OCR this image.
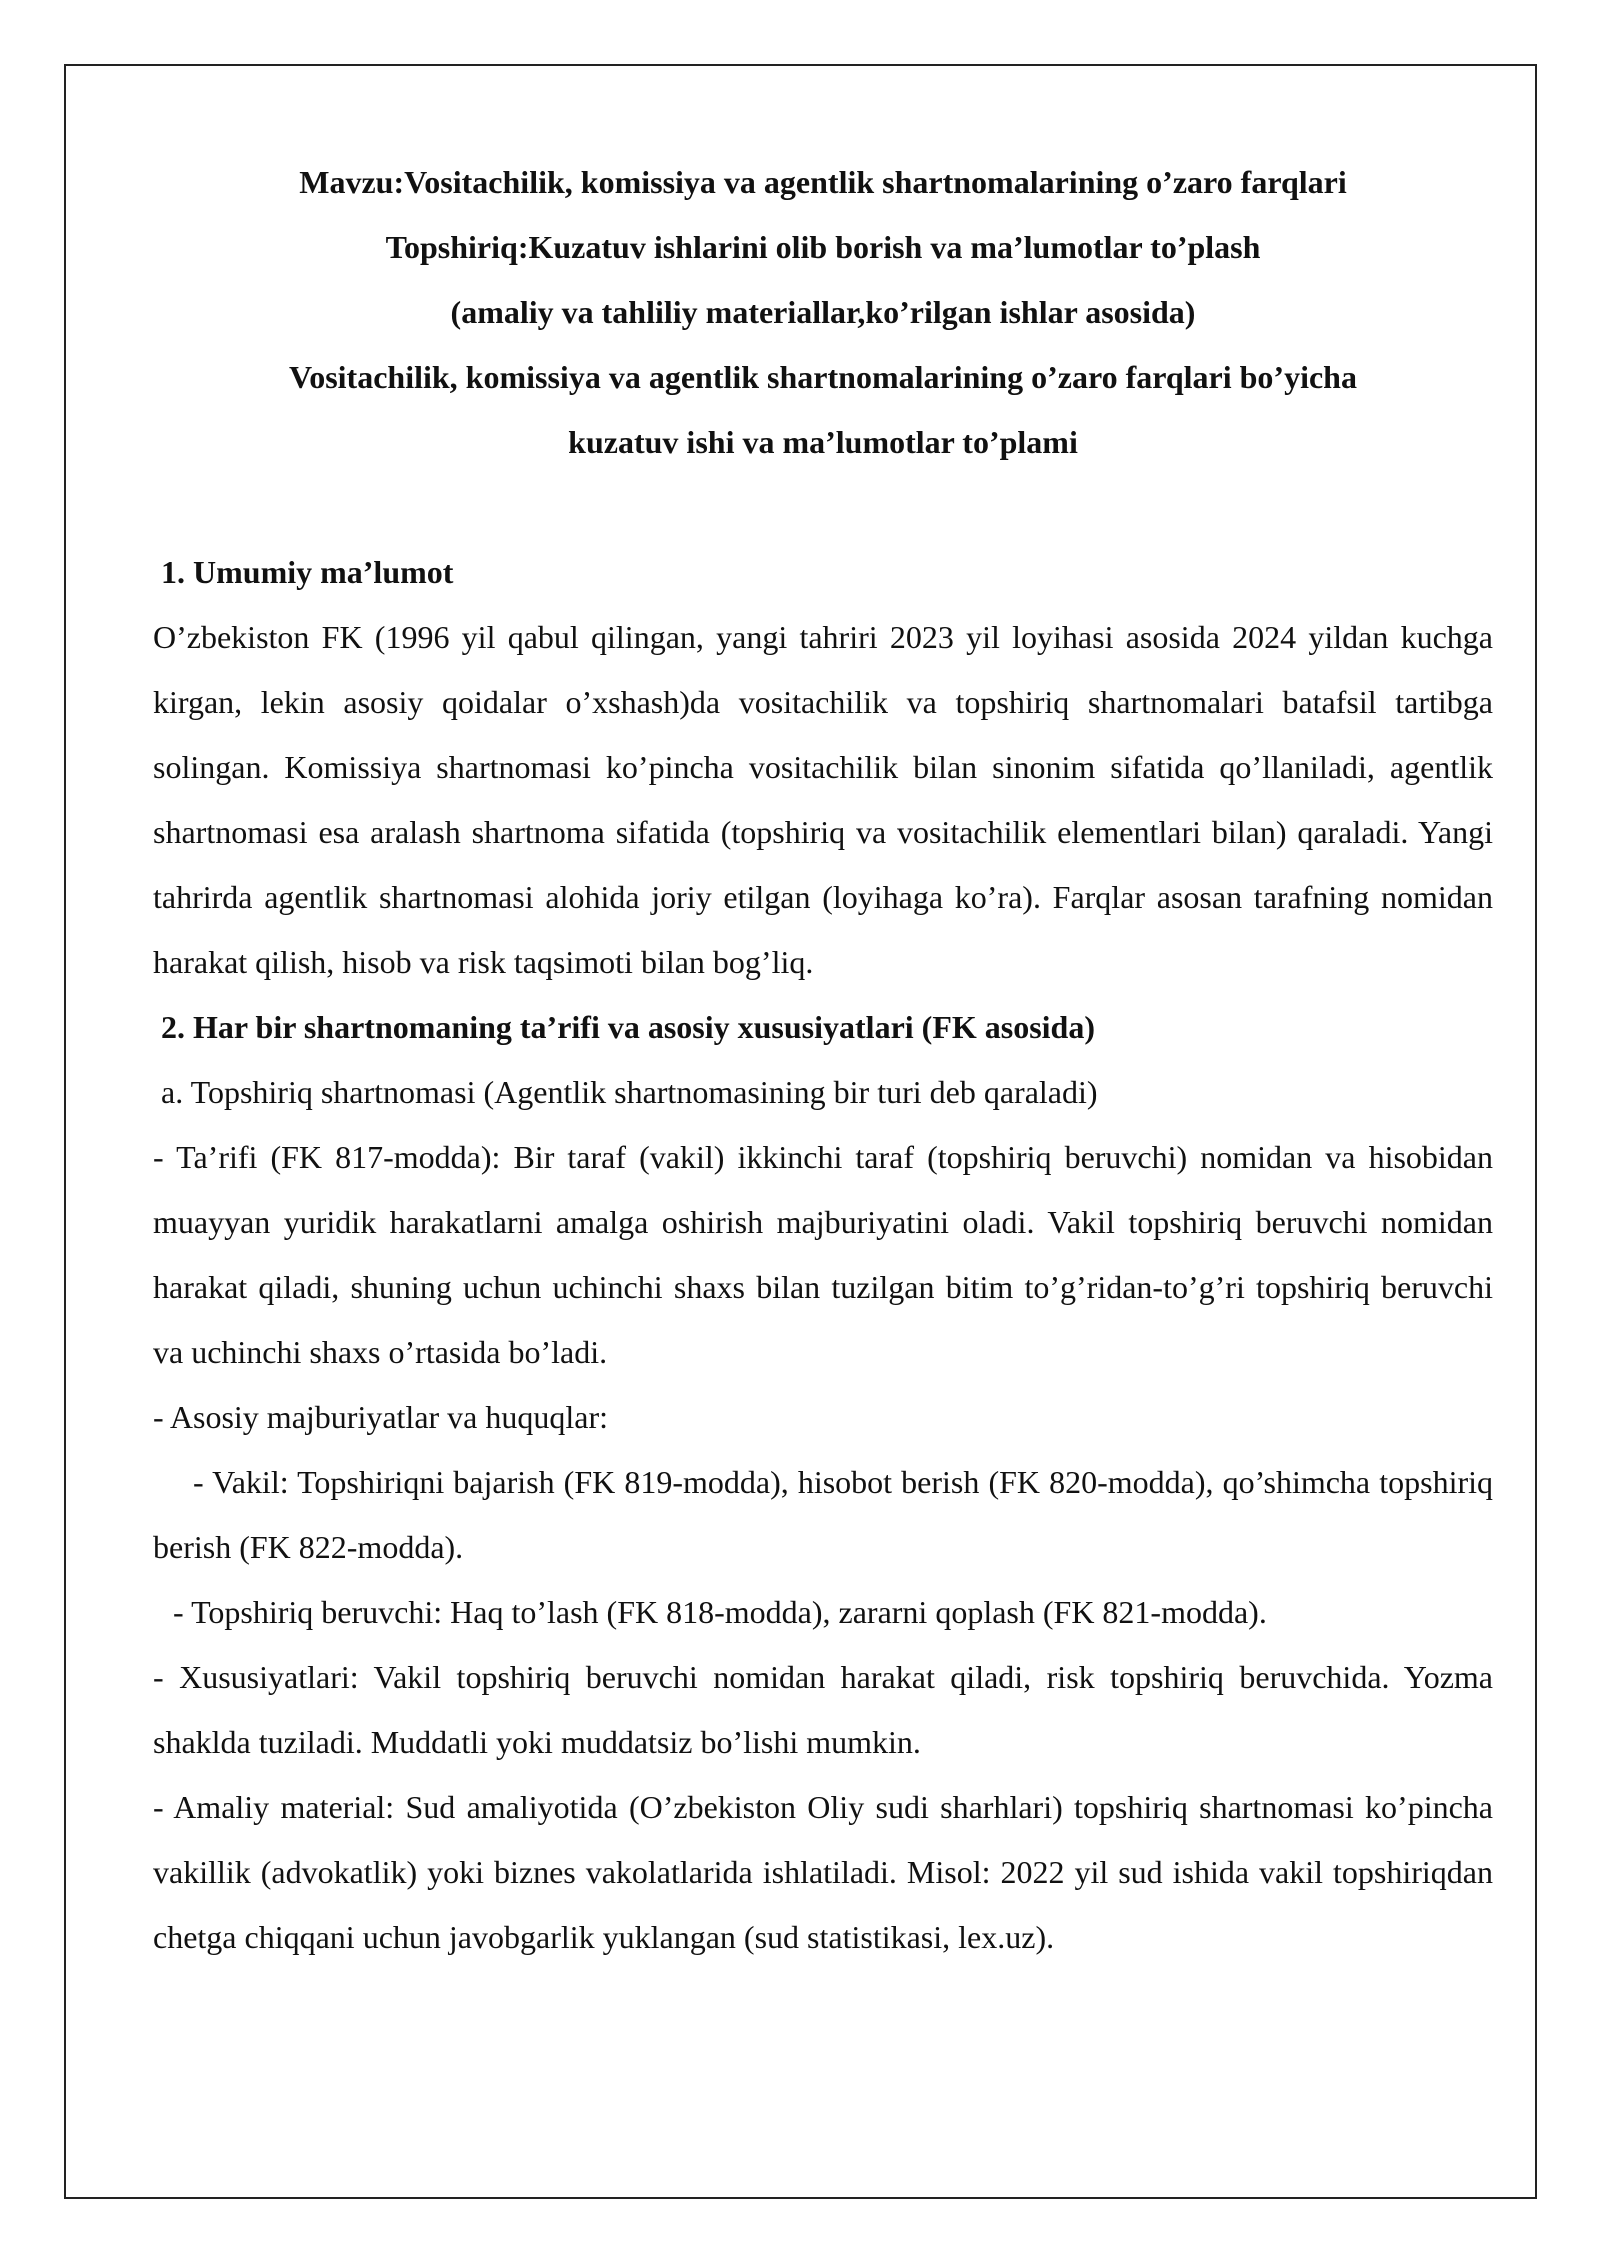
Mavzu:Vositachilik, komissiya va agentlik shartnomalarining o’zaro farqlari
Topshiriq:Kuzatuv ishlarini olib borish va ma’lumotlar to’plash
(amaliy va tahliliy materiallar,ko’rilgan ishlar asosida)
Vositachilik, komissiya va agentlik shartnomalarining o’zaro farqlari bo’yicha
kuzatuv ishi va ma’lumotlar to’plami
1. Umumiy ma’lumot

O’zbekiston FK (1996 yil qabul qilingan, yangi tahriri 2023 yil loyihasi asosida 2024 yildan kuchga kirgan, lekin asosiy qoidalar o’xshash)da vositachilik va topshiriq shartnomalari batafsil tartibga solingan. Komissiya shartnomasi ko’pincha vositachilik bilan sinonim sifatida qo’llaniladi, agentlik shartnomasi esa aralash shartnoma sifatida (topshiriq va vositachilik elementlari bilan) qaraladi. Yangi tahrirda agentlik shartnomasi alohida joriy etilgan (loyihaga ko’ra). Farqlar asosan tarafning nomidan harakat qilish, hisob va risk taqsimoti bilan bog’liq.

2. Har bir shartnomaning ta’rifi va asosiy xususiyatlari (FK asosida)
a. Topshiriq shartnomasi (Agentlik shartnomasining bir turi deb qaraladi)

- Ta’rifi (FK 817-modda): Bir taraf (vakil) ikkinchi taraf (topshiriq beruvchi) nomidan va hisobidan muayyan yuridik harakatlarni amalga oshirish majburiyatini oladi. Vakil topshiriq beruvchi nomidan harakat qiladi, shuning uchun uchinchi shaxs bilan tuzilgan bitim to’g’ridan-to’g’ri topshiriq beruvchi va uchinchi shaxs o’rtasida bo’ladi.

- Asosiy majburiyatlar va huquqlar:

- Vakil: Topshiriqni bajarish (FK 819-modda), hisobot berish (FK 820-modda), qo’shimcha topshiriq berish (FK 822-modda).

- Topshiriq beruvchi: Haq to’lash (FK 818-modda), zararni qoplash (FK 821-modda).

- Xususiyatlari: Vakil topshiriq beruvchi nomidan harakat qiladi, risk topshiriq beruvchida. Yozma shaklda tuziladi. Muddatli yoki muddatsiz bo’lishi mumkin.

- Amaliy material: Sud amaliyotida (O’zbekiston Oliy sudi sharhlari) topshiriq shartnomasi ko’pincha vakillik (advokatlik) yoki biznes vakolatlarida ishlatiladi. Misol: 2022 yil sud ishida vakil topshiriqdan chetga chiqqani uchun javobgarlik yuklangan (sud statistikasi, lex.uz).
